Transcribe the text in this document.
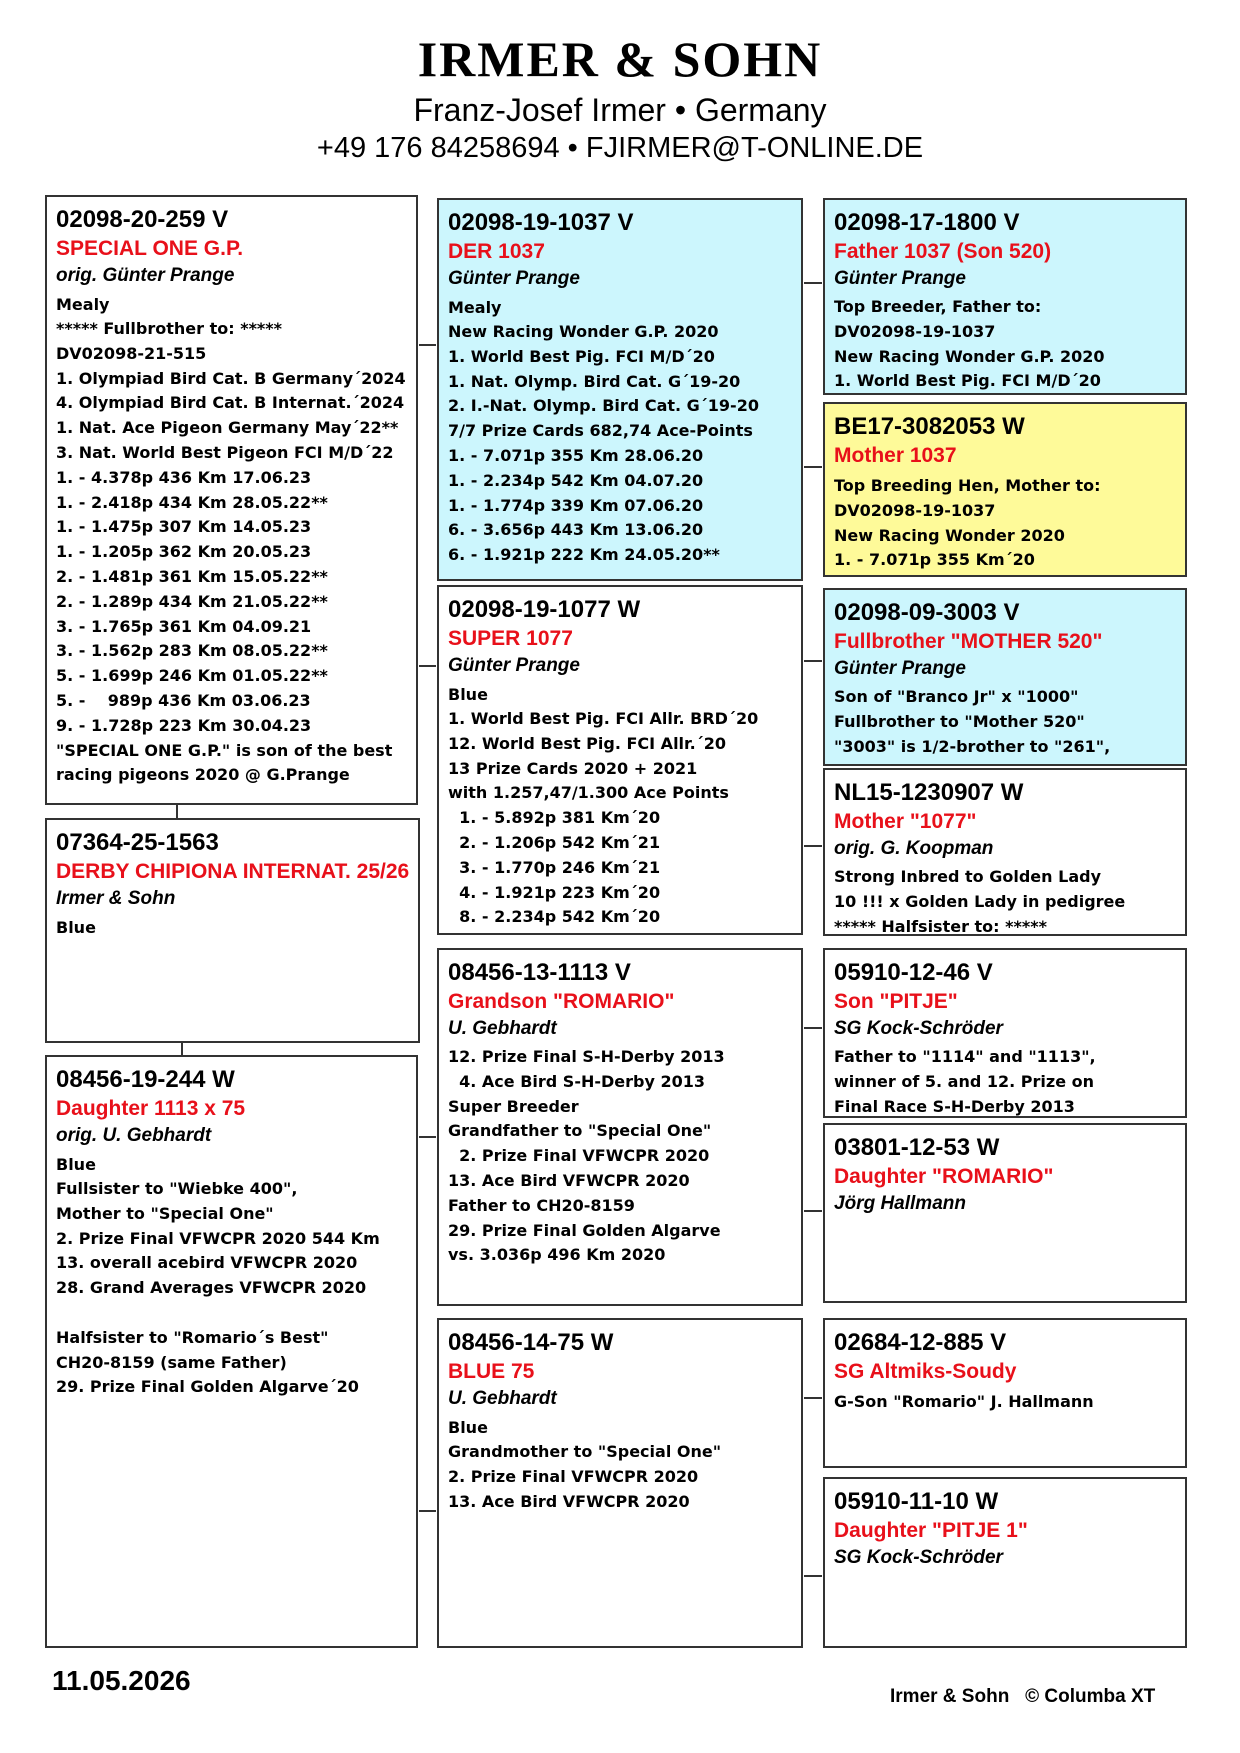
IRMER & SOHN
Franz-Josef Irmer • Germany
+49 176 84258694 • FJIRMER@T-ONLINE.DE
02098-20-259 V
SPECIAL ONE G.P.
orig. Günter Prange
Mealy
***** Fullbrother to: *****
DV02098-21-515
1. Olympiad Bird Cat. B Germany´2024
4. Olympiad Bird Cat. B Internat.´2024
1. Nat. Ace Pigeon Germany May´22**
3. Nat. World Best Pigeon FCI M/D´22
1. - 4.378p 436 Km 17.06.23
1. - 2.418p 434 Km 28.05.22**
1. - 1.475p 307 Km 14.05.23
1. - 1.205p 362 Km 20.05.23
2. - 1.481p 361 Km 15.05.22**
2. - 1.289p 434 Km 21.05.22**
3. - 1.765p 361 Km 04.09.21
3. - 1.562p 283 Km 08.05.22**
5. - 1.699p 246 Km 01.05.22**
5. -    989p 436 Km 03.06.23
9. - 1.728p 223 Km 30.04.23
"SPECIAL ONE G.P." is son of the best
racing pigeons 2020 @ G.Prange
07364-25-1563
DERBY CHIPIONA INTERNAT. 25/26
Irmer & Sohn
Blue
08456-19-244 W
Daughter 1113 x 75
orig. U. Gebhardt
Blue
Fullsister to "Wiebke 400",
Mother to "Special One"
2. Prize Final VFWCPR 2020 544 Km
13. overall acebird VFWCPR 2020
28. Grand Averages VFWCPR 2020

Halfsister to "Romario´s Best"
CH20-8159 (same Father)
29. Prize Final Golden Algarve´20
02098-19-1037 V
DER 1037
Günter Prange
Mealy
New Racing Wonder G.P. 2020
1. World Best Pig. FCI M/D´20
1. Nat. Olymp. Bird Cat. G´19-20
2. I.-Nat. Olymp. Bird Cat. G´19-20
7/7 Prize Cards 682,74 Ace-Points
1. - 7.071p 355 Km 28.06.20
1. - 2.234p 542 Km 04.07.20
1. - 1.774p 339 Km 07.06.20
6. - 3.656p 443 Km 13.06.20
6. - 1.921p 222 Km 24.05.20**
02098-19-1077 W
SUPER 1077
Günter Prange
Blue
1. World Best Pig. FCI Allr. BRD´20
12. World Best Pig. FCI Allr.´20
13 Prize Cards 2020 + 2021
with 1.257,47/1.300 Ace Points
1. - 5.892p 381 Km´20
2. - 1.206p 542 Km´21
3. - 1.770p 246 Km´21
4. - 1.921p 223 Km´20
8. - 2.234p 542 Km´20
08456-13-1113 V
Grandson "ROMARIO"
U. Gebhardt
12. Prize Final S-H-Derby 2013
4. Ace Bird S-H-Derby 2013
Super Breeder
Grandfather to "Special One"
2. Prize Final VFWCPR 2020
13. Ace Bird VFWCPR 2020
Father to CH20-8159
29. Prize Final Golden Algarve
vs. 3.036p 496 Km 2020
08456-14-75 W
BLUE 75
U. Gebhardt
Blue
Grandmother to "Special One"
2. Prize Final VFWCPR 2020
13. Ace Bird VFWCPR 2020
02098-17-1800 V
Father 1037 (Son 520)
Günter Prange
Top Breeder, Father to:
DV02098-19-1037
New Racing Wonder G.P. 2020
1. World Best Pig. FCI M/D´20
BE17-3082053 W
Mother 1037
Top Breeding Hen, Mother to:
DV02098-19-1037
New Racing Wonder 2020
1. - 7.071p 355 Km´20
02098-09-3003 V
Fullbrother "MOTHER 520"
Günter Prange
Son of "Branco Jr" x "1000"
Fullbrother to "Mother 520"
"3003" is 1/2-brother to "261",
NL15-1230907 W
Mother "1077"
orig. G. Koopman
Strong Inbred to Golden Lady
10 !!! x Golden Lady in pedigree
***** Halfsister to: *****
05910-12-46 V
Son "PITJE"
SG Kock-Schröder
Father to "1114" and "1113",
winner of 5. and 12. Prize on
Final Race S-H-Derby 2013
03801-12-53 W
Daughter "ROMARIO"
Jörg Hallmann
02684-12-885 V
SG Altmiks-Soudy
G-Son "Romario" J. Hallmann
05910-11-10 W
Daughter "PITJE 1"
SG Kock-Schröder
11.05.2026
Irmer & Sohn © Columba XT
